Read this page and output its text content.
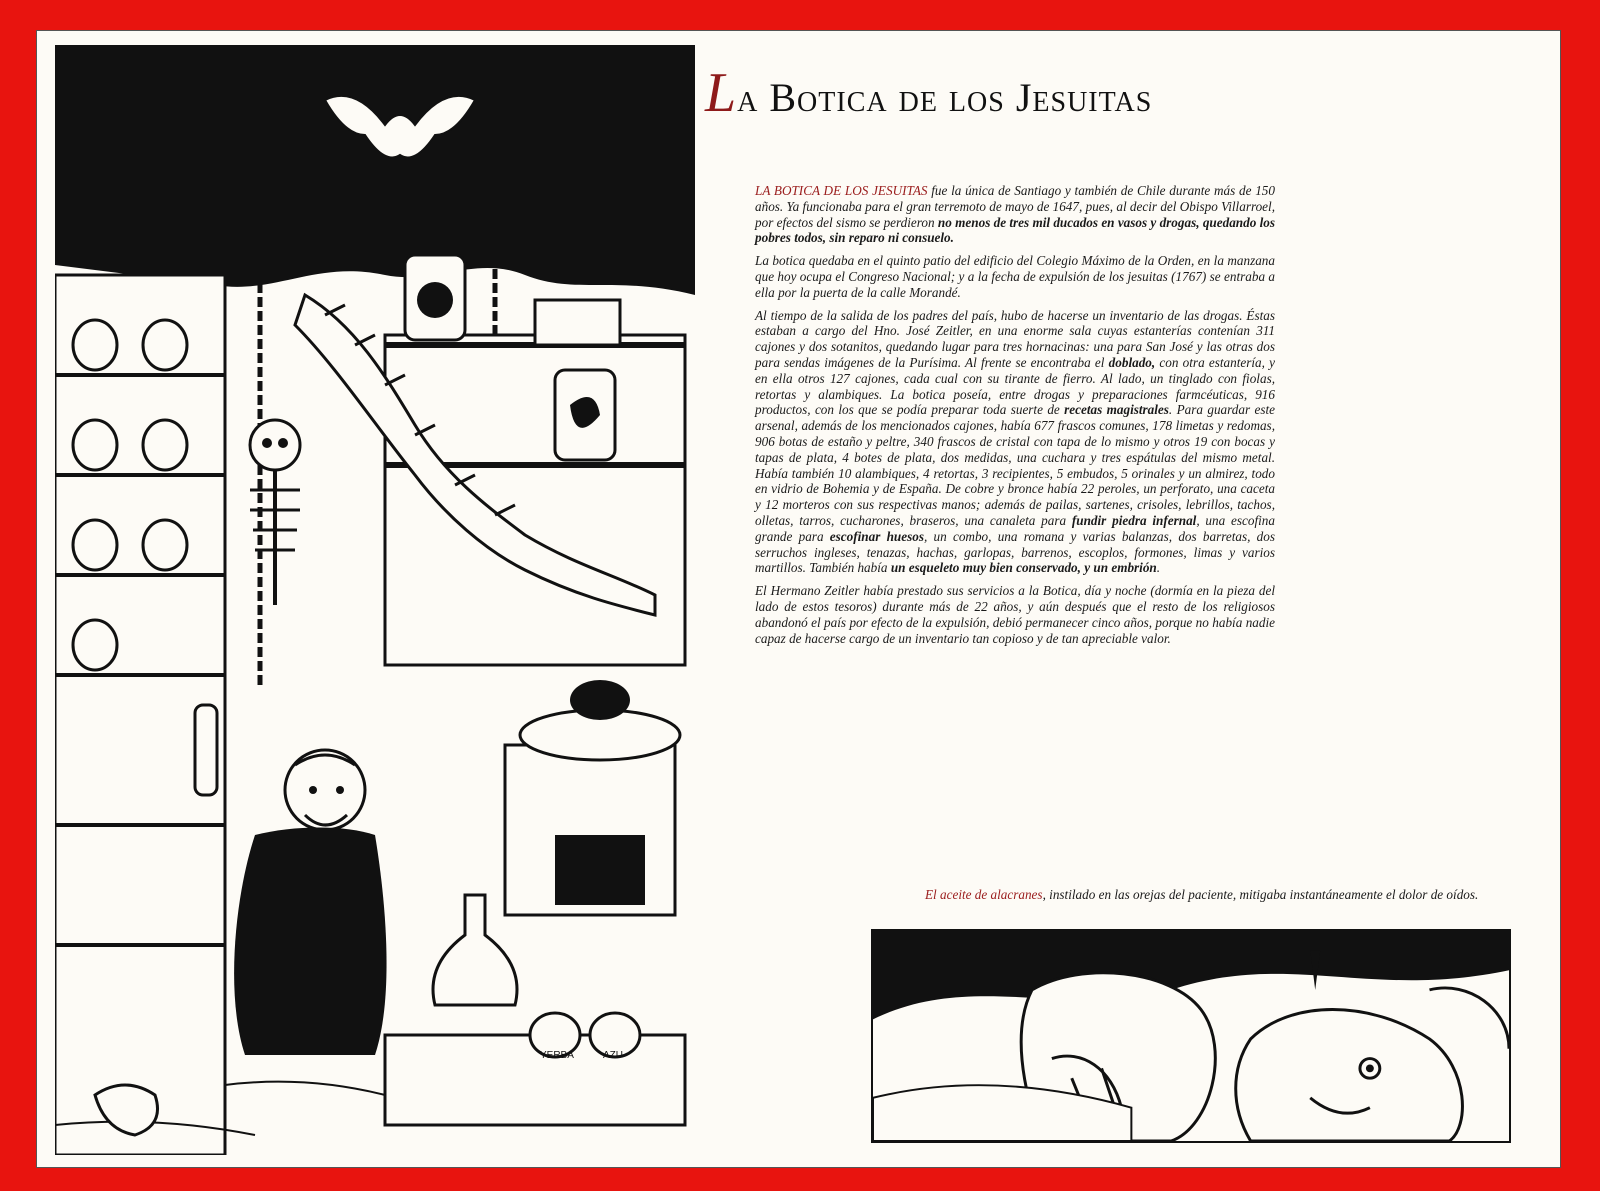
YERBA	AZU
La Botica de los Jesuitas

LA BOTICA DE LOS JESUITAS fue la única de Santiago y también de Chile durante más de 150 años. Ya funcionaba para el gran terremoto de mayo de 1647, pues, al decir del Obispo Villarroel, por efectos del sismo se perdieron no menos de tres mil ducados en vasos y drogas, quedando los pobres todos, sin reparo ni consuelo.

La botica quedaba en el quinto patio del edificio del Colegio Máximo de la Orden, en la manzana que hoy ocupa el Congreso Nacional; y a la fecha de expulsión de los jesuitas (1767) se entraba a ella por la puerta de la calle Morandé.

Al tiempo de la salida de los padres del país, hubo de hacerse un inventario de las drogas. Éstas estaban a cargo del Hno. José Zeitler, en una enorme sala cuyas estanterías contenían 311 cajones y dos sotanitos, quedando lugar para tres hornacinas: una para San José y las otras dos para sendas imágenes de la Purísima. Al frente se encontraba el doblado, con otra estantería, y en ella otros 127 cajones, cada cual con su tirante de fierro. Al lado, un tinglado con fiolas, retortas y alambiques. La botica poseía, entre drogas y preparaciones farmcéuticas, 916 productos, con los que se podía preparar toda suerte de recetas magistrales. Para guardar este arsenal, además de los mencionados cajones, había 677 frascos comunes, 178 limetas y redomas, 906 botas de estaño y peltre, 340 frascos de cristal con tapa de lo mismo y otros 19 con bocas y tapas de plata, 4 botes de plata, dos medidas, una cuchara y tres espátulas del mismo metal. Había también 10 alambiques, 4 retortas, 3 recipientes, 5 embudos, 5 orinales y un almirez, todo en vidrio de Bohemia y de España. De cobre y bronce había 22 peroles, un perforato, una caceta y 12 morteros con sus respectivas manos; además de pailas, sartenes, crisoles, lebrillos, tachos, olletas, tarros, cucharones, braseros, una canaleta para fundir piedra infernal, una escofina grande para escofinar huesos, un combo, una romana y varias balanzas, dos barretas, dos serruchos ingleses, tenazas, hachas, garlopas, barrenos, escoplos, formones, limas y varios martillos. También había un esqueleto muy bien conservado, y un embrión.

El Hermano Zeitler había prestado sus servicios a la Botica, día y noche (dormía en la pieza del lado de estos tesoros) durante más de 22 años, y aún después que el resto de los religiosos abandonó el país por efecto de la expulsión, debió permanecer cinco años, porque no había nadie capaz de hacerse cargo de un inventario tan copioso y de tan apreciable valor.

El aceite de alacranes, instilado en las orejas del paciente, mitigaba instantáneamente el dolor de oídos.
